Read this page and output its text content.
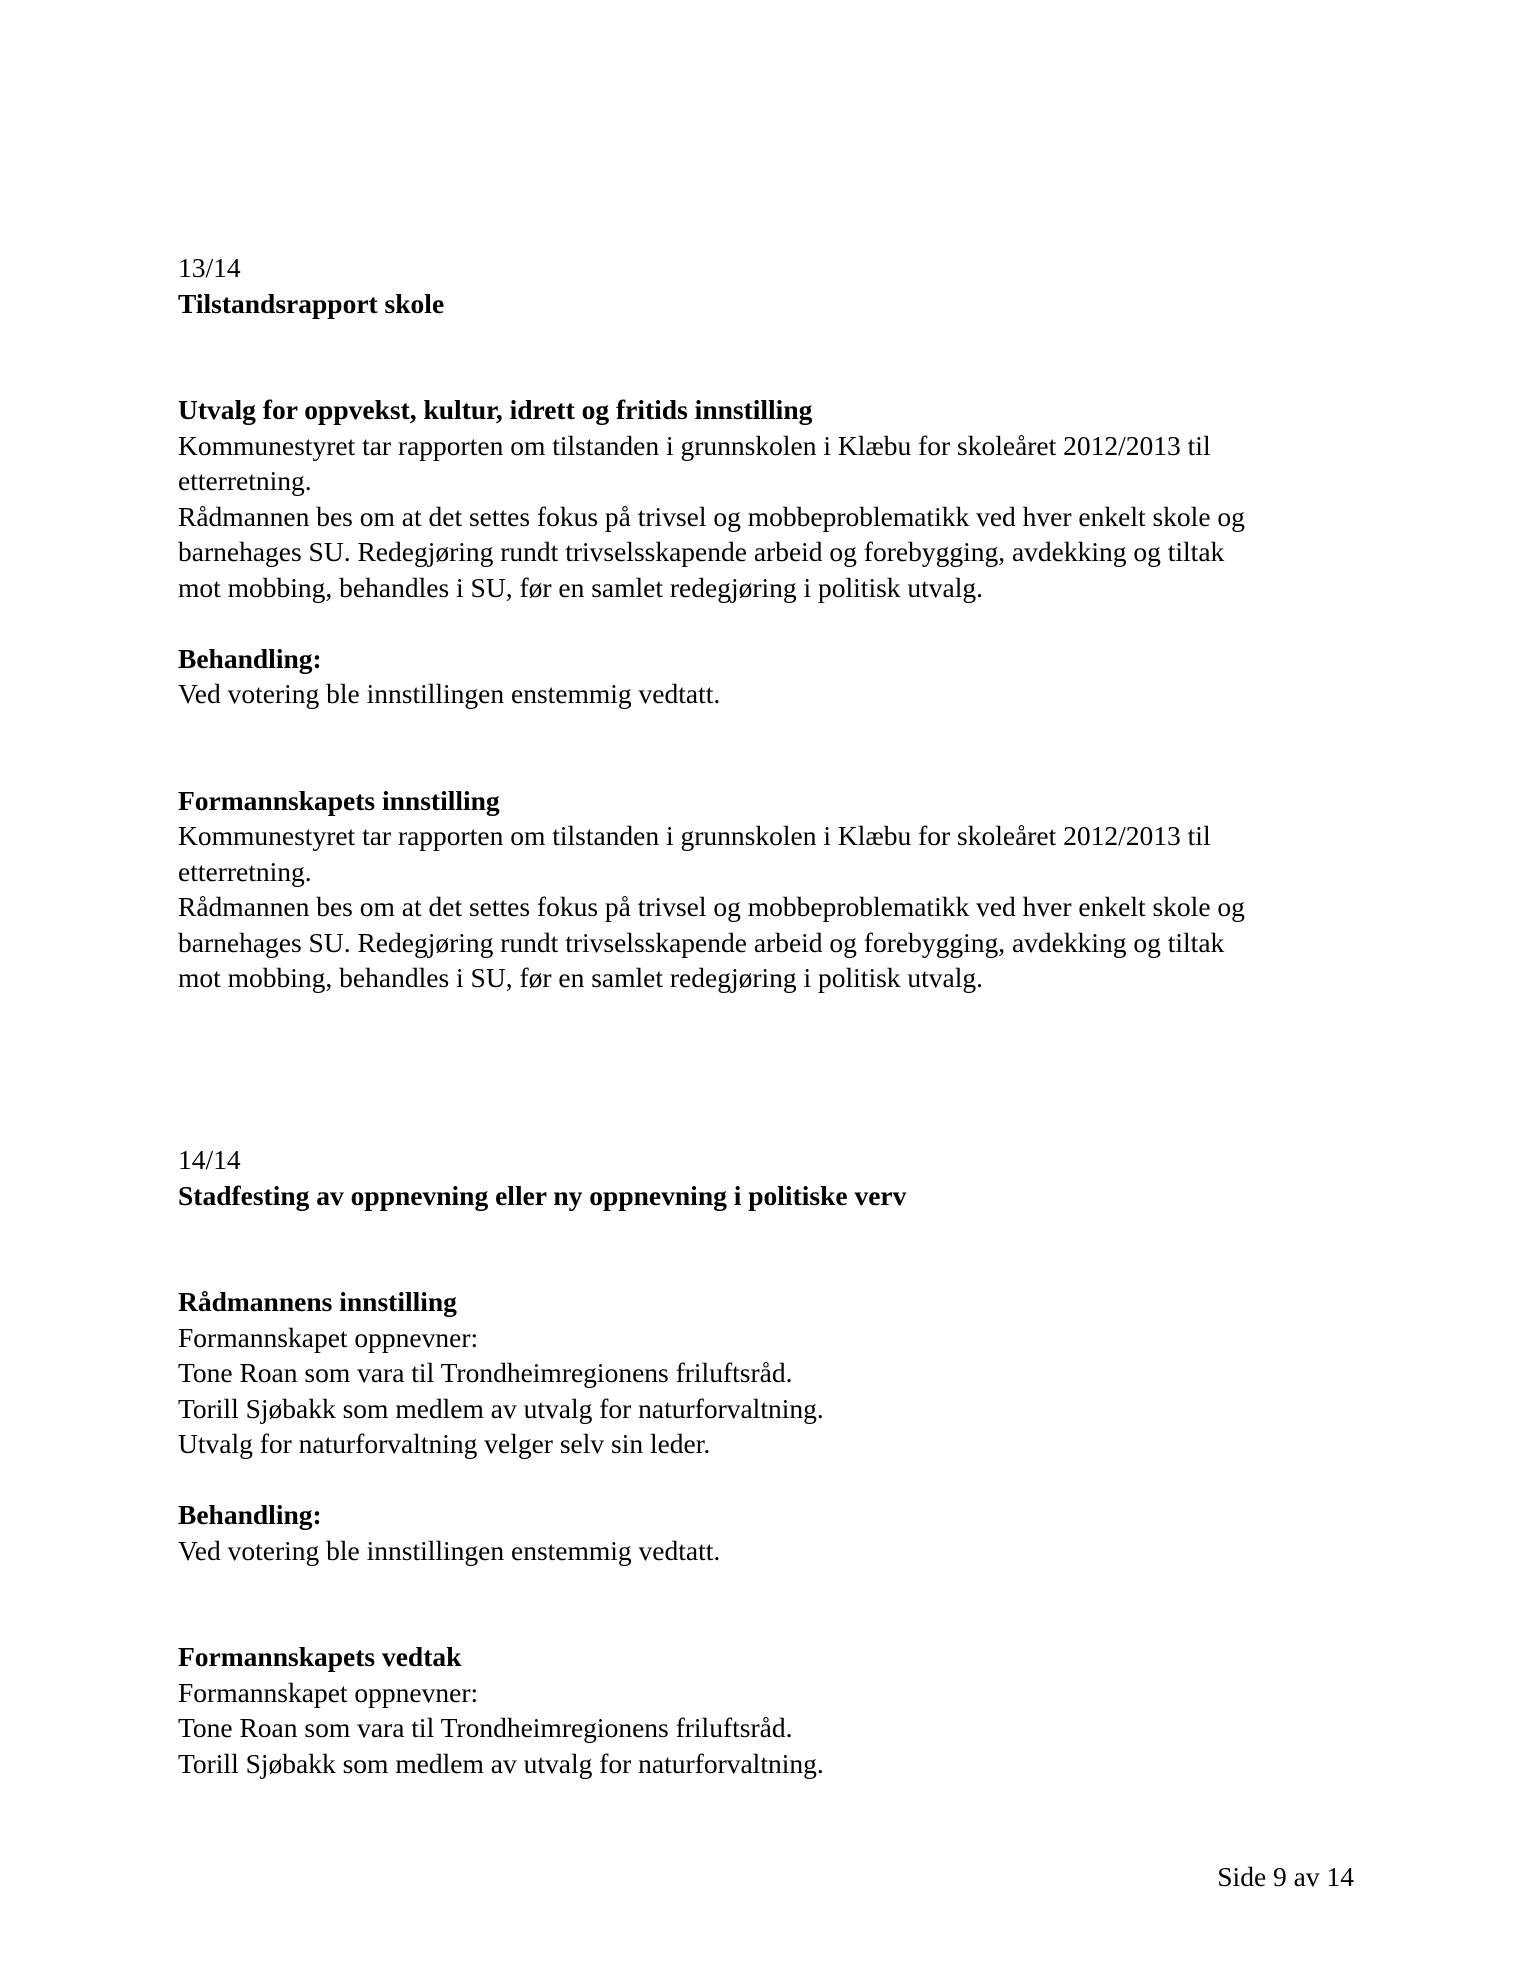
13/14
Tilstandsrapport skole
Utvalg for oppvekst, kultur, idrett og fritids innstilling
Kommunestyret tar rapporten om tilstanden i grunnskolen i Klæbu for skoleåret 2012/2013 til
etterretning.
Rådmannen bes om at det settes fokus på trivsel og mobbeproblematikk ved hver enkelt skole og
barnehages SU. Redegjøring rundt trivselsskapende arbeid og forebygging, avdekking og tiltak
mot mobbing, behandles i SU, før en samlet redegjøring i politisk utvalg.
Behandling:
Ved votering ble innstillingen enstemmig vedtatt.
Formannskapets innstilling
Kommunestyret tar rapporten om tilstanden i grunnskolen i Klæbu for skoleåret 2012/2013 til
etterretning.
Rådmannen bes om at det settes fokus på trivsel og mobbeproblematikk ved hver enkelt skole og
barnehages SU. Redegjøring rundt trivselsskapende arbeid og forebygging, avdekking og tiltak
mot mobbing, behandles i SU, før en samlet redegjøring i politisk utvalg.
14/14
Stadfesting av oppnevning eller ny oppnevning i politiske verv
Rådmannens innstilling
Formannskapet oppnevner:
Tone Roan som vara til Trondheimregionens friluftsråd.
Torill Sjøbakk som medlem av utvalg for naturforvaltning.
Utvalg for naturforvaltning velger selv sin leder.
Behandling:
Ved votering ble innstillingen enstemmig vedtatt.
Formannskapets vedtak
Formannskapet oppnevner:
Tone Roan som vara til Trondheimregionens friluftsråd.
Torill Sjøbakk som medlem av utvalg for naturforvaltning.
Side 9 av 14
